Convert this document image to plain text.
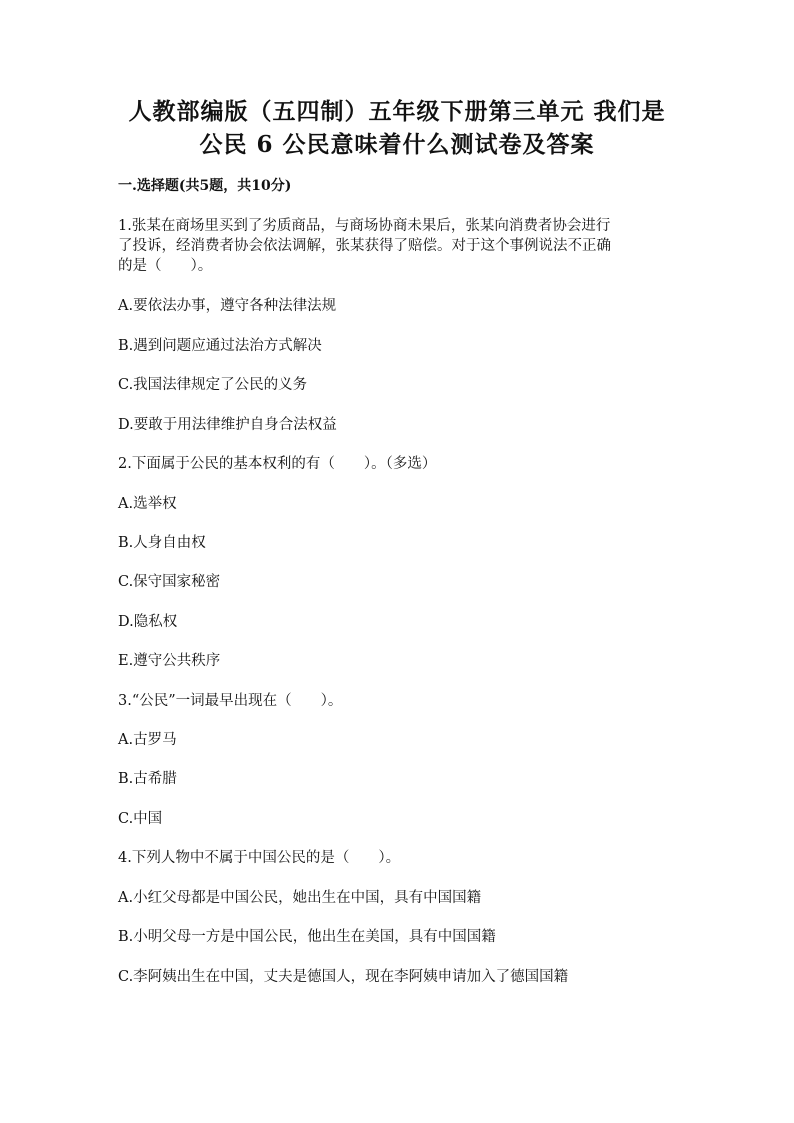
人教部编版（五四制）五年级下册第三单元 我们是
公民 6 公民意味着什么测试卷及答案
一.选择题(共5题，共10分)
1.张某在商场里买到了劣质商品，与商场协商未果后，张某向消费者协会进行
了投诉，经消费者协会依法调解，张某获得了赔偿。对于这个事例说法不正确
的是（　　）。
A.要依法办事，遵守各种法律法规
B.遇到问题应通过法治方式解决
C.我国法律规定了公民的义务
D.要敢于用法律维护自身合法权益
2.下面属于公民的基本权利的有（　　）。（多选）
A.选举权
B.人身自由权
C.保守国家秘密
D.隐私权
E.遵守公共秩序
3.“公民”一词最早出现在（　　）。
A.古罗马
B.古希腊
C.中国
4.下列人物中不属于中国公民的是（　　）。
A.小红父母都是中国公民，她出生在中国，具有中国国籍
B.小明父母一方是中国公民，他出生在美国，具有中国国籍
C.李阿姨出生在中国，丈夫是德国人，现在李阿姨申请加入了德国国籍
